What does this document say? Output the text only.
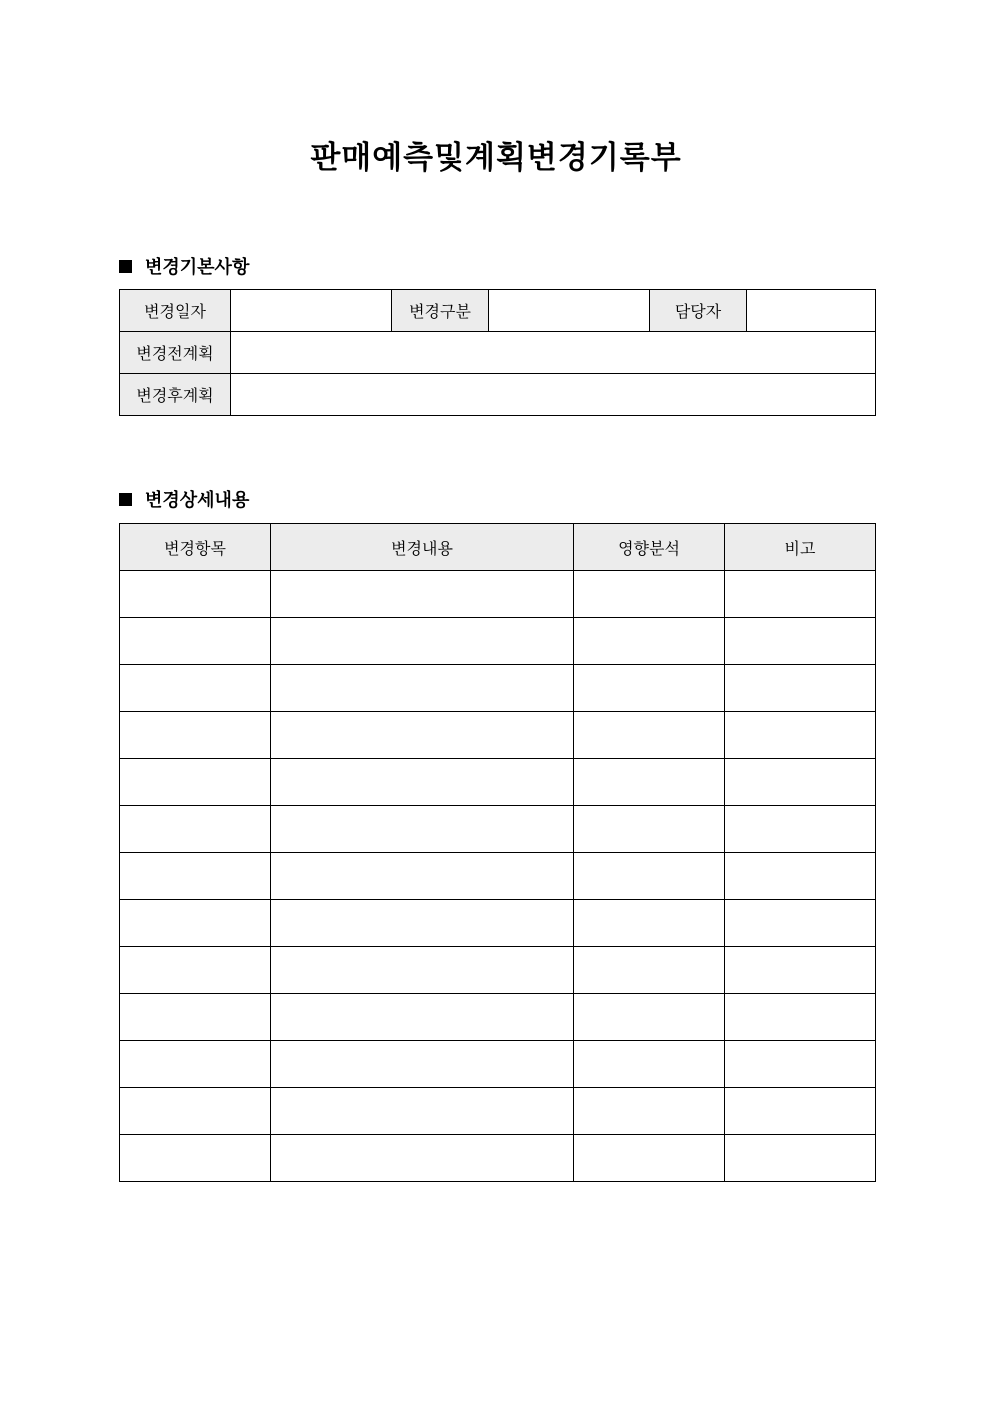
판매예측및계획변경기록부
변경기본사항
변경일자		변경구분		담당자	
변경전계획					
변경후계획					
변경상세내용
변경항목	변경내용	영향분석	비고
